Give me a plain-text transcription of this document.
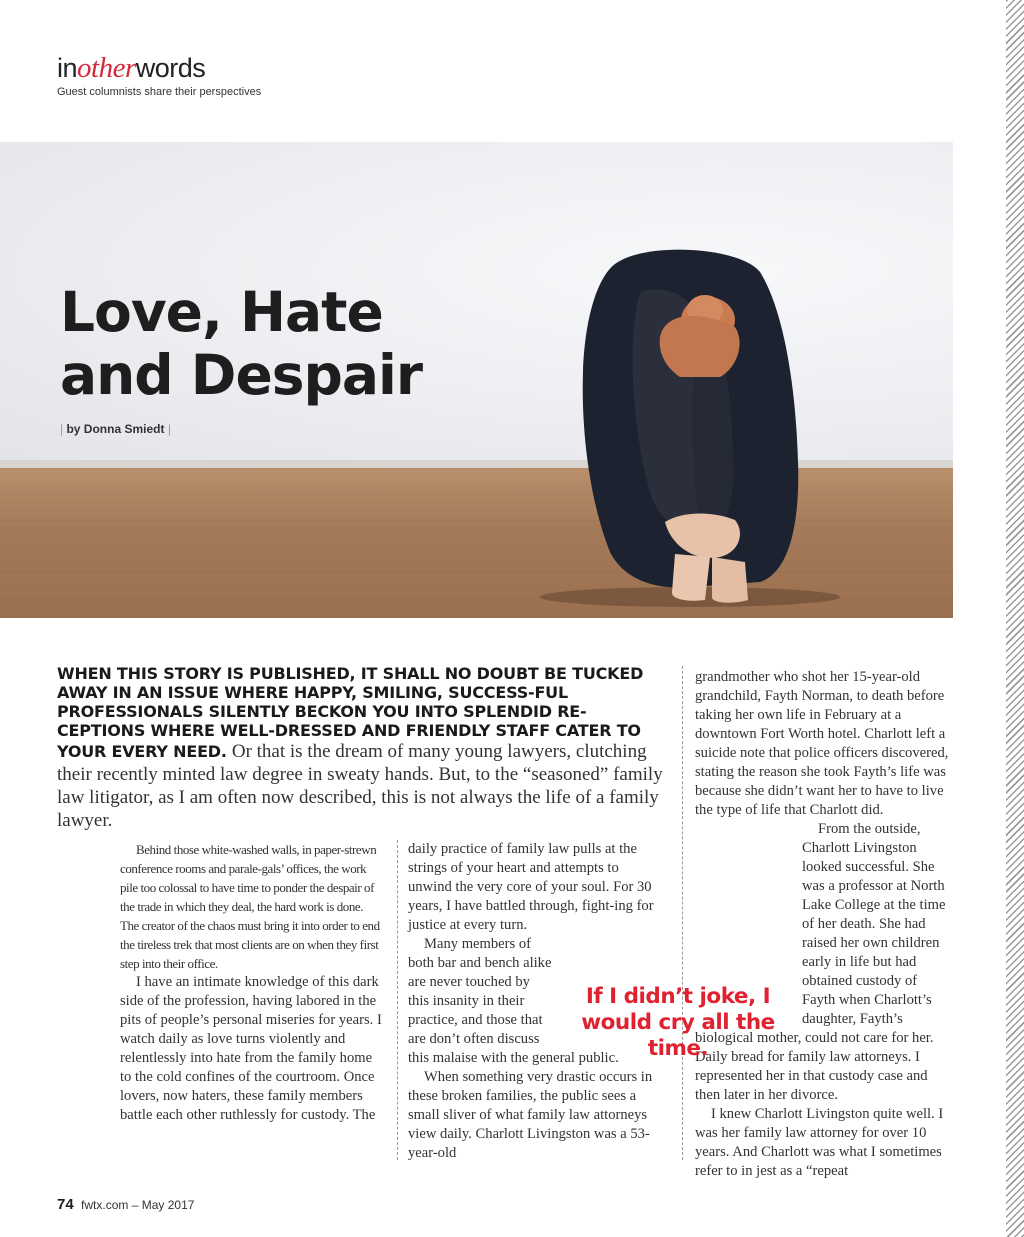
inotherwords
Guest columnists share their perspectives
Love, Hate
and Despair
| by Donna Smiedt |
WHEN THIS STORY IS PUBLISHED, IT SHALL NO DOUBT BE TUCKED AWAY IN AN ISSUE WHERE HAPPY, SMILING, SUCCESS-FUL PROFESSIONALS SILENTLY BECKON YOU INTO SPLENDID RE-CEPTIONS WHERE WELL-DRESSED AND FRIENDLY STAFF CATER TO YOUR EVERY NEED. Or that is the dream of many young lawyers, clutching their recently minted law degree in sweaty hands. But, to the “seasoned” family law litigator, as I am often now described, this is not always the life of a family lawyer.

Behind those white-washed walls, in paper-strewn conference rooms and parale-gals’ offices, the work pile too colossal to have time to ponder the despair of the trade in which they deal, the hard work is done. The creator of the chaos must bring it into order to end the tireless trek that most clients are on when they first step into their office.

I have an intimate knowledge of this dark side of the profession, having labored in the pits of people’s personal miseries for years. I watch daily as love turns violently and relentlessly into hate from the family home to the cold confines of the courtroom. Once lovers, now haters, these family members battle each other ruthlessly for custody. The

daily practice of family law pulls at the strings of your heart and attempts to unwind the very core of your soul. For 30 years, I have battled through, fight-ing for justice at every turn.

Many members of both bar and bench alike are never touched by this insanity in their practice, and those that are don’t often discuss this malaise with the general public.

When something very drastic occurs in these broken families, the public sees a small sliver of what family law attorneys view daily. Charlott Livingston was a 53-year-old

grandmother who shot her 15-year-old grandchild, Fayth Norman, to death before taking her own life in February at a downtown Fort Worth hotel. Charlott left a suicide note that police officers discovered, stating the reason she took Fayth’s life was because she didn’t want her to have to live the type of life that Charlott did.

From the outside, Charlott Livingston looked successful. She was a professor at North Lake College at the time of her death. She had raised her own children early in life but had obtained custody of Fayth when Charlott’s daughter, Fayth’s biological mother, could not care for her. Daily bread for family law attorneys. I represented her in that custody case and then later in her divorce.

I knew Charlott Livingston quite well. I was her family law attorney for over 10 years. And Charlott was what I sometimes refer to in jest as a “repeat

If I didn’t joke, I would cry all the time.
74 fwtx.com – May 2017
